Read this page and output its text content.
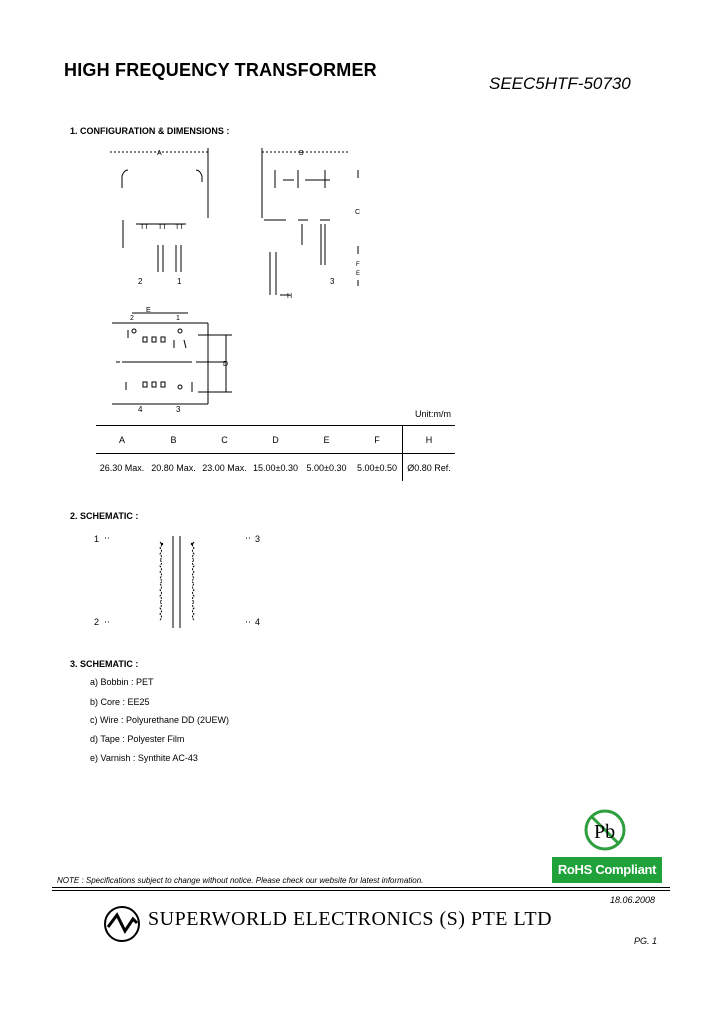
HIGH FREQUENCY TRANSFORMER
SEEC5HTF-50730
1. CONFIGURATION & DIMENSIONS :
A
TT TT TT
2	1
B
C
F
E
H
3
E
2	1
D
4	3	Unit:m/m
A	B	C	D	E	F	H
26.30 Max.	20.80 Max.	23.00 Max.	15.00±0.30	5.00±0.30	5.00±0.50	Ø0.80 Ref.
2. SCHEMATIC :
1
2
3
4
3. SCHEMATIC :
a) Bobbin : PET
b) Core : EE25
c) Wire : Polyurethane DD (2UEW)
d) Tape : Polyester Film
e) Varnish : Synthite AC-43
Pb
RoHS Compliant
NOTE : Specifications subject to change without notice. Please check our website for latest information.
18.06.2008
SUPERWORLD ELECTRONICS (S) PTE LTD
PG. 1
